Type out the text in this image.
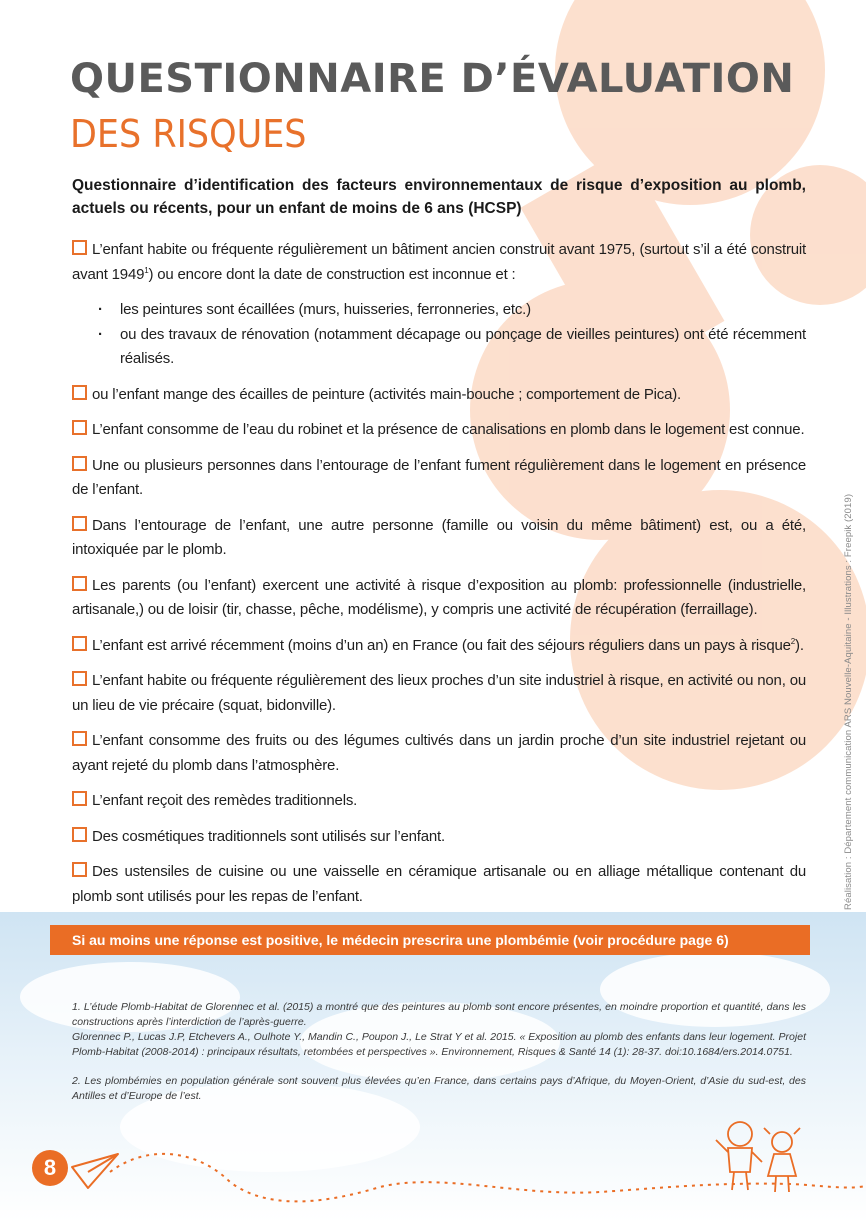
QUESTIONNAIRE D’ÉVALUATION
DES RISQUES

Questionnaire d’identification des facteurs environnementaux de risque d’exposition au plomb, actuels ou récents, pour un enfant de moins de 6 ans (HCSP)

L’enfant habite ou fréquente régulièrement un bâtiment ancien construit avant 1975, (surtout s’il a été construit avant 1949$^1$) ou encore dont la date de construction est inconnue et :

· les peintures sont écaillées (murs, huisseries, ferronneries, etc.)
· ou des travaux de rénovation (notamment décapage ou ponçage de vieilles peintures) ont été récemment réalisés.

ou l’enfant mange des écailles de peinture (activités main-bouche ; comportement de Pica).

L’enfant consomme de l’eau du robinet et la présence de canalisations en plomb dans le logement est connue.

Une ou plusieurs personnes dans l’entourage de l’enfant fument régulièrement dans le logement en présence de l’enfant.

Dans l’entourage de l’enfant, une autre personne (famille ou voisin du même bâtiment) est, ou a été, intoxiquée par le plomb.

Les parents (ou l’enfant) exercent une activité à risque d’exposition au plomb: professionnelle (industrielle, artisanale,) ou de loisir (tir, chasse, pêche, modélisme), y compris une activité de récupération (ferraillage).

L’enfant est arrivé récemment (moins d’un an) en France (ou fait des séjours réguliers dans un pays à risque$^2$).

L’enfant habite ou fréquente régulièrement des lieux proches d’un site industriel à risque, en activité ou non, ou un lieu de vie précaire (squat, bidonville).

L’enfant consomme des fruits ou des légumes cultivés dans un jardin proche d’un site industriel rejetant ou ayant rejeté du plomb dans l’atmosphère.

L’enfant reçoit des remèdes traditionnels.

Des cosmétiques traditionnels sont utilisés sur l’enfant.

Des ustensiles de cuisine ou une vaisselle en céramique artisanale ou en alliage métallique contenant du plomb sont utilisés pour les repas de l’enfant.

Si au moins une réponse est positive, le médecin prescrira une plombémie (voir procédure page 6)

1. L’étude Plomb-Habitat de Glorennec et al. (2015) a montré que des peintures au plomb sont encore présentes, en moindre proportion et quantité, dans les constructions après l’interdiction de l’après-guerre.
Glorennec P., Lucas J.P, Etchevers A., Oulhote Y., Mandin C., Poupon J., Le Strat Y et al. 2015. « Exposition au plomb des enfants dans leur logement. Projet Plomb-Habitat (2008-2014) : principaux résultats, retombées et perspectives ». Environnement, Risques & Santé 14 (1): 28-37. doi:10.1684/ers.2014.0751.

2. Les plombémies en population générale sont souvent plus élevées qu’en France, dans certains pays d’Afrique, du Moyen-Orient, d’Asie du sud-est, des Antilles et d’Europe de l’est.

Réalisation : Département communication ARS Nouvelle-Aquitaine - Illustrations : Freepik (2019)
8
